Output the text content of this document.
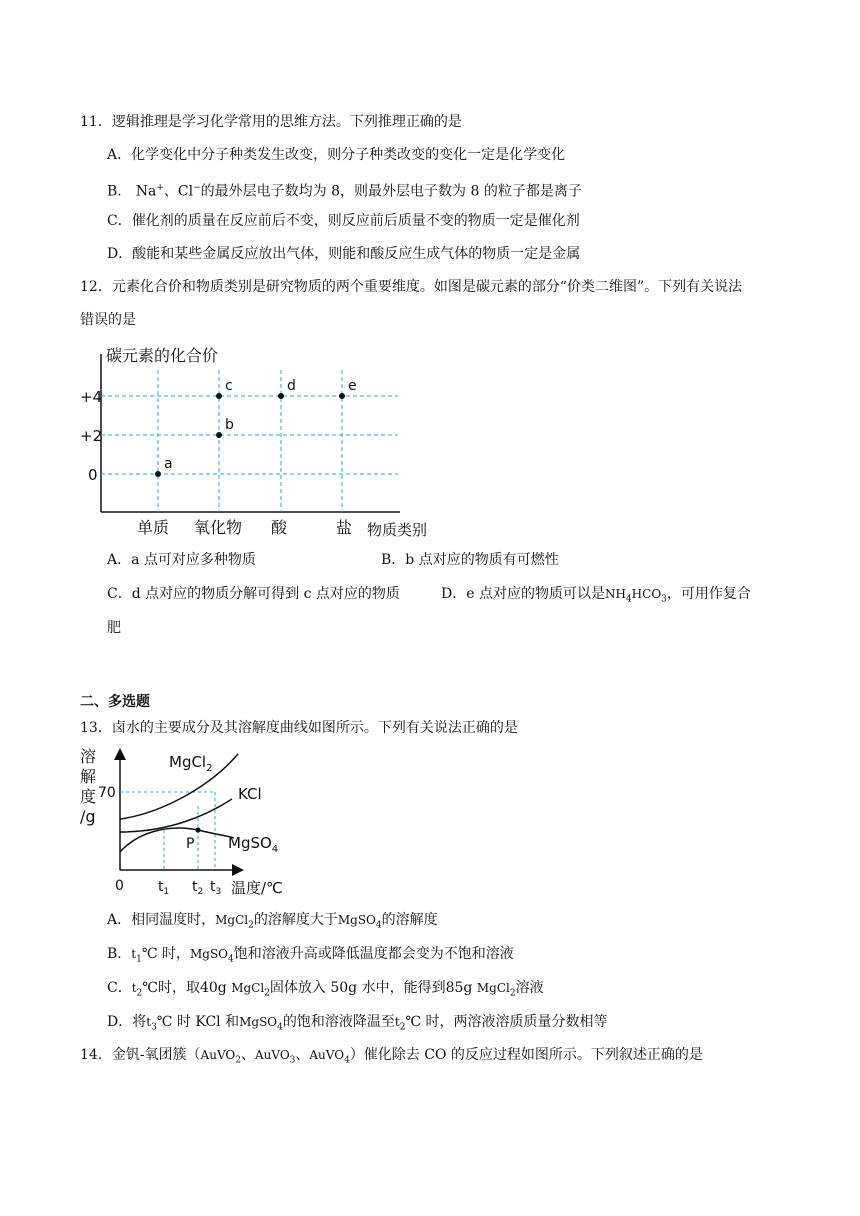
11．逻辑推理是学习化学常用的思维方法。下列推理正确的是
A．化学变化中分子种类发生改变，则分子种类改变的变化一定是化学变化
B． Na+、Cl−的最外层电子数均为 8，则最外层电子数为 8 的粒子都是离子
C．催化剂的质量在反应前后不变，则反应前后质量不变的物质一定是催化剂
D．酸能和某些金属反应放出气体，则能和酸反应生成气体的物质一定是金属
12．元素化合价和物质类别是研究物质的两个重要维度。如图是碳元素的部分“价类二维图”。下列有关说法
错误的是
碳元素的化合价
+4
+2
0
单质 氧化物 酸	盐 物质类别
a
b
c	d	e
A．a 点可对应多种物质	B．b 点对应的物质有可燃性
C．d 点对应的物质分解可得到 c 点对应的物质	D．e 点对应的物质可以是$NH_4HCO_3$，可用作复合
肥
二、多选题
13．卤水的主要成分及其溶解度曲线如图所示。下列有关说法正确的是
溶
解
度
/g
70
0 $t_1$ $t_2$ $t_3$ 温度/℃
MgCl$_2$
KCl
MgSO$_4$
P
A．相同温度时，MgCl$_2$的溶解度大于MgSO$_4$的溶解度
B．$t_1℃$ 时，MgSO$_4$饱和溶液升高或降低温度都会变为不饱和溶液
C．$t_2℃$时，取40g MgCl$_2$固体放入 50g 水中，能得到85g MgCl$_2$溶液
D．将$t_3℃$ 时 KCl 和MgSO$_4$的饱和溶液降温至$t_2℃$ 时，两溶液溶质质量分数相等
14．金钒-氧团簇（AuVO$_2$、AuVO$_3$、AuVO$_4$）催化除去 CO 的反应过程如图所示。下列叙述正确的是
